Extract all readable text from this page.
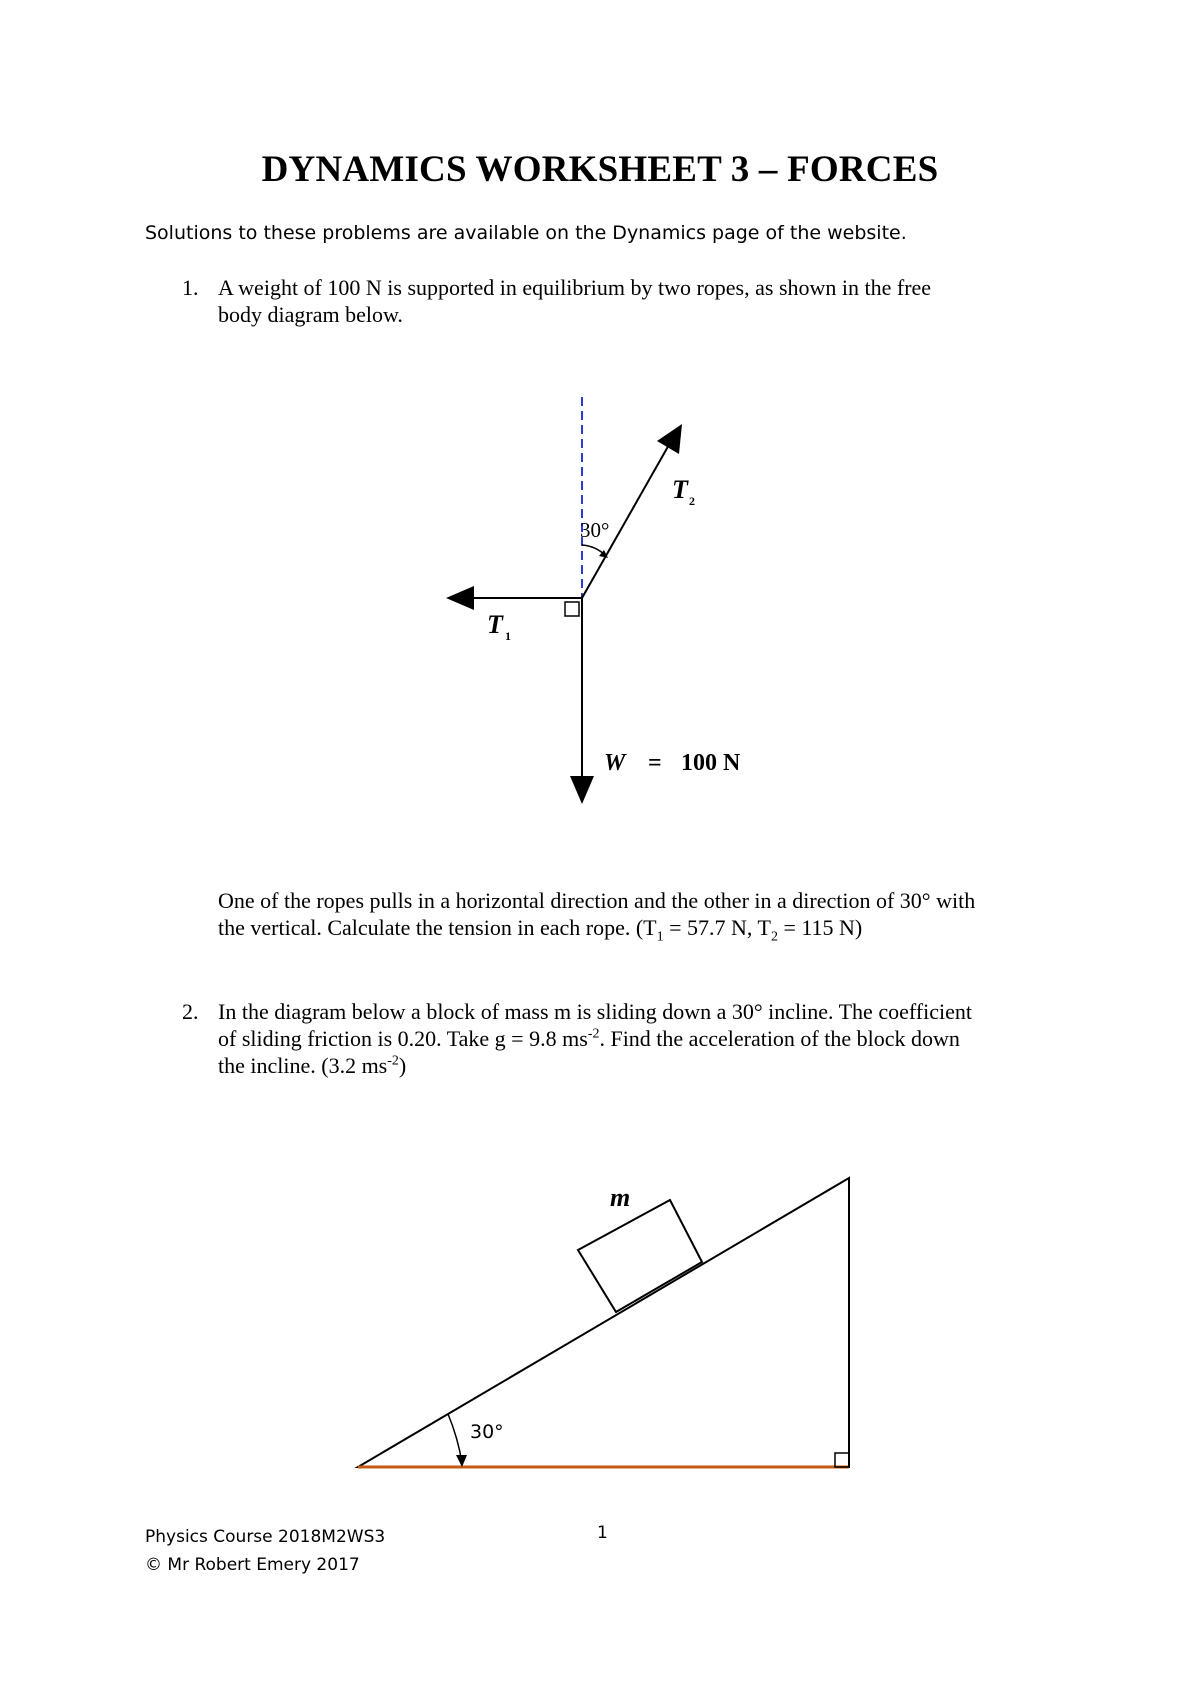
DYNAMICS WORKSHEET 3 – FORCES
Solutions to these problems are available on the Dynamics page of the website.
1. A weight of 100 N is supported in equilibrium by two ropes, as shown in the free
body diagram below.
30°
T 2
T 1
W = 100 N
30°
m
One of the ropes pulls in a horizontal direction and the other in a direction of 30° with
the vertical. Calculate the tension in each rope. ($T_1 = 57.7$ N, $T_2 = 115$ N)
2. In the diagram below a block of mass m is sliding down a 30° incline. The coefficient
of sliding friction is 0.20. Take g = 9.8 $ms^{-2}$. Find the acceleration of the block down
the incline. (3.2 $ms^{-2}$)
Physics Course 2018M2WS3
© Mr Robert Emery 2017
1
